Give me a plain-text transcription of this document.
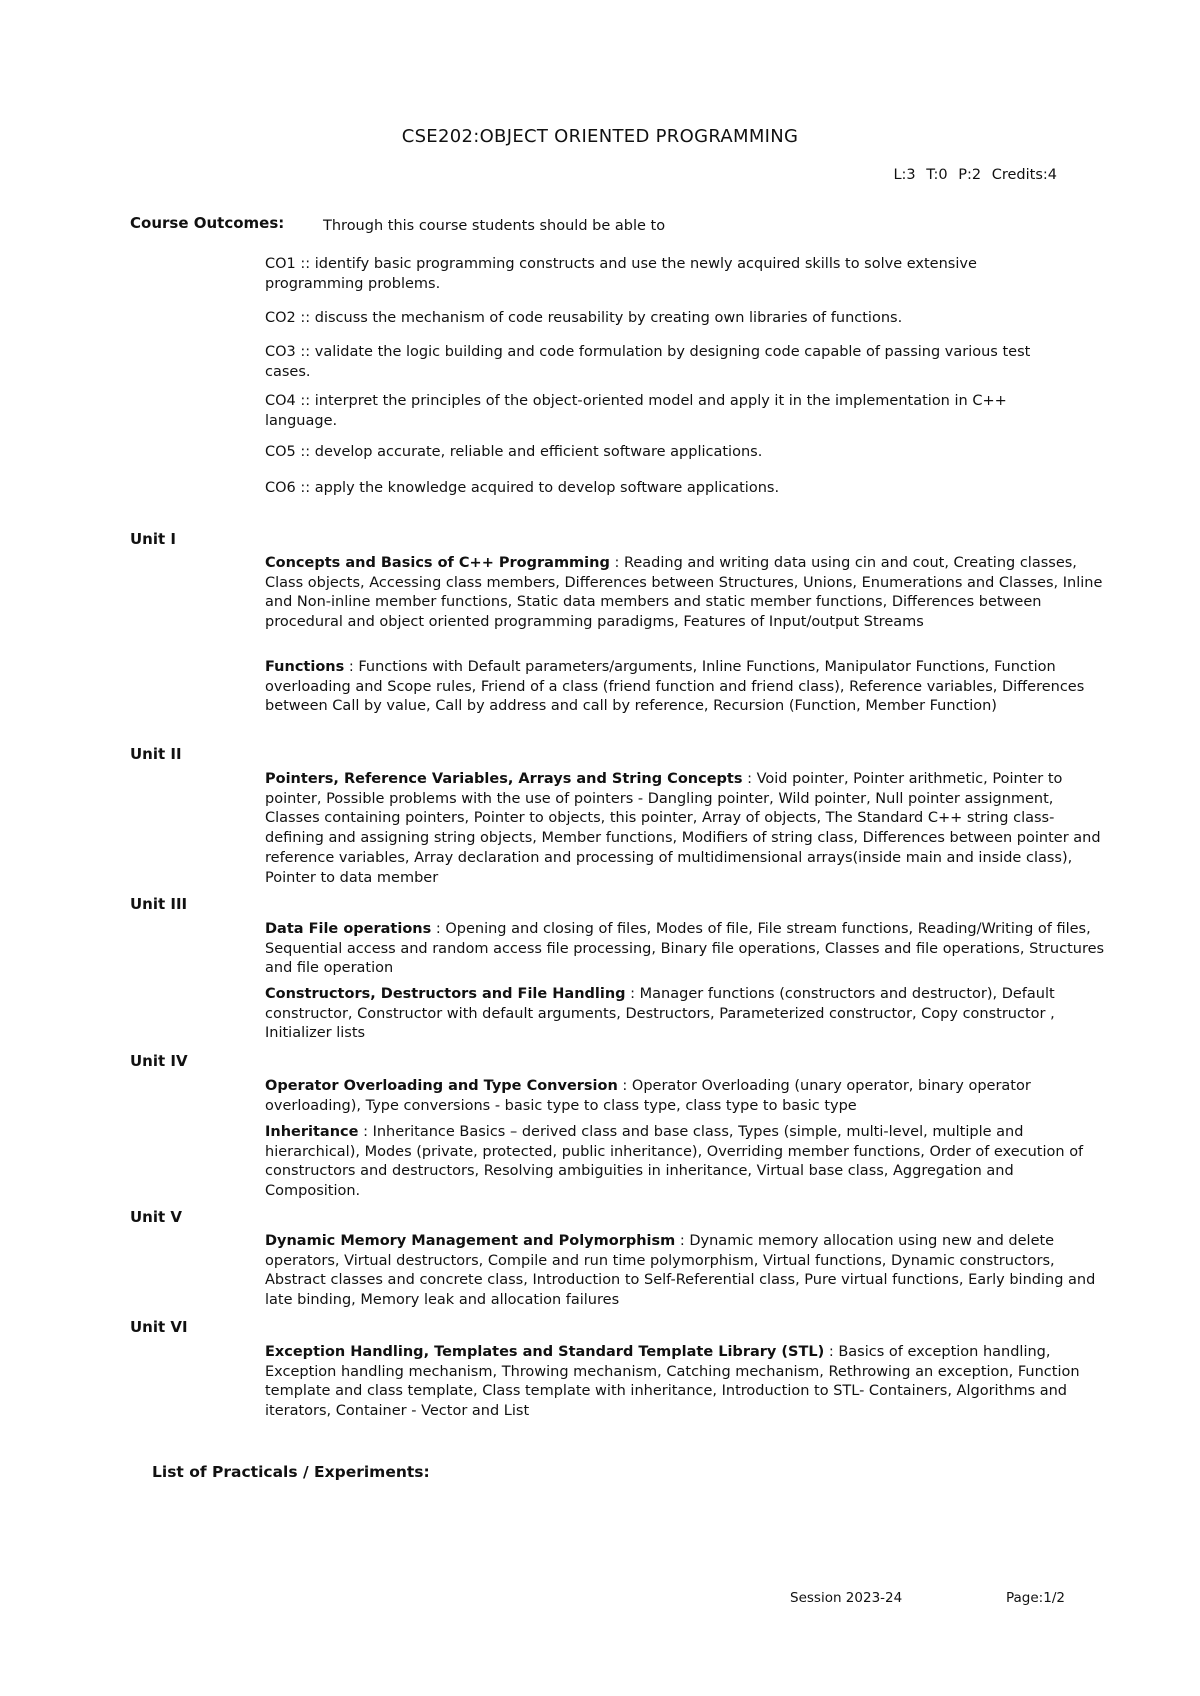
CSE202:OBJECT ORIENTED PROGRAMMING
L:3 T:0 P:2 Credits:4
Course Outcomes:	Through this course students should be able to
CO1 :: identify basic programming constructs and use the newly acquired skills to solve extensive programming problems.
CO2 :: discuss the mechanism of code reusability by creating own libraries of functions.
CO3 :: validate the logic building and code formulation by designing code capable of passing various test cases.
CO4 :: interpret the principles of the object-oriented model and apply it in the implementation in C++ language.
CO5 :: develop accurate, reliable and efficient software applications.
CO6 :: apply the knowledge acquired to develop software applications.
Unit I
Concepts and Basics of C++ Programming : Reading and writing data using cin and cout, Creating classes, Class objects, Accessing class members, Differences between Structures, Unions, Enumerations and Classes, Inline and Non-inline member functions, Static data members and static member functions, Differences between procedural and object oriented programming paradigms, Features of Input/output Streams
Functions : Functions with Default parameters/arguments, Inline Functions, Manipulator Functions, Function overloading and Scope rules, Friend of a class (friend function and friend class), Reference variables, Differences between Call by value, Call by address and call by reference, Recursion (Function, Member Function)
Unit II
Pointers, Reference Variables, Arrays and String Concepts : Void pointer, Pointer arithmetic, Pointer to pointer, Possible problems with the use of pointers - Dangling pointer, Wild pointer, Null pointer assignment, Classes containing pointers, Pointer to objects, this pointer, Array of objects, The Standard C++ string class-defining and assigning string objects, Member functions, Modifiers of string class, Differences between pointer and reference variables, Array declaration and processing of multidimensional arrays(inside main and inside class), Pointer to data member
Unit III
Data File operations : Opening and closing of files, Modes of file, File stream functions, Reading/Writing of files, Sequential access and random access file processing, Binary file operations, Classes and file operations, Structures and file operation
Constructors, Destructors and File Handling : Manager functions (constructors and destructor), Default constructor, Constructor with default arguments, Destructors, Parameterized constructor, Copy constructor , Initializer lists
Unit IV
Operator Overloading and Type Conversion : Operator Overloading (unary operator, binary operator overloading), Type conversions - basic type to class type, class type to basic type
Inheritance : Inheritance Basics – derived class and base class, Types (simple, multi-level, multiple and hierarchical), Modes (private, protected, public inheritance), Overriding member functions, Order of execution of constructors and destructors, Resolving ambiguities in inheritance, Virtual base class, Aggregation and Composition.
Unit V
Dynamic Memory Management and Polymorphism : Dynamic memory allocation using new and delete operators, Virtual destructors, Compile and run time polymorphism, Virtual functions, Dynamic constructors, Abstract classes and concrete class, Introduction to Self-Referential class, Pure virtual functions, Early binding and late binding, Memory leak and allocation failures
Unit VI
Exception Handling, Templates and Standard Template Library (STL) : Basics of exception handling, Exception handling mechanism, Throwing mechanism, Catching mechanism, Rethrowing an exception, Function template and class template, Class template with inheritance, Introduction to STL- Containers, Algorithms and iterators, Container - Vector and List
List of Practicals / Experiments:
Session 2023-24	Page:1/2
